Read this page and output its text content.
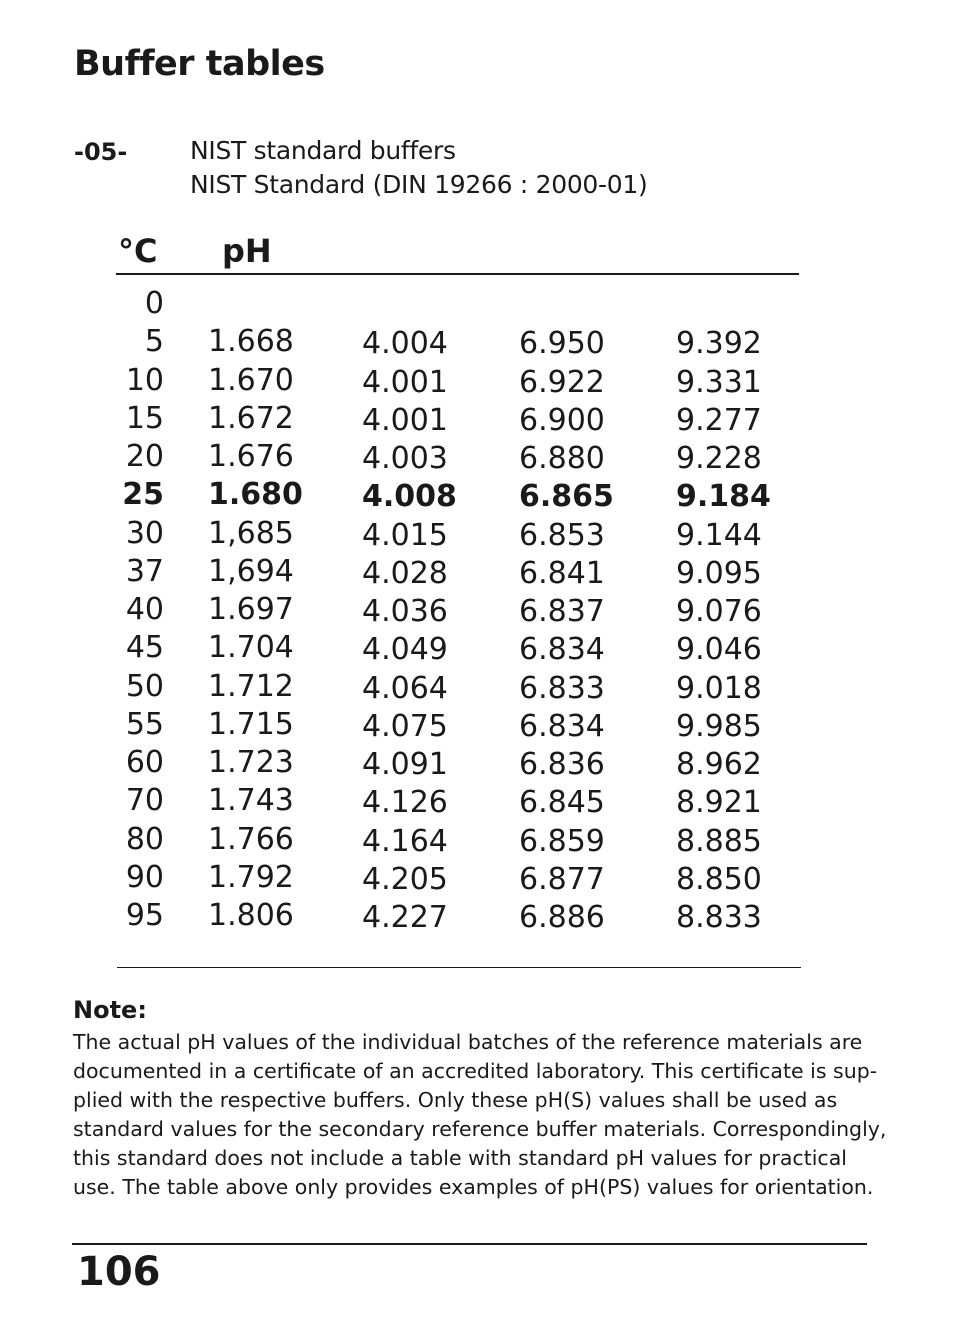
Buffer tables
-05-	NIST standard buffers
NIST Standard (DIN 19266 : 2000-01)
°C pH
0
5 1.668 4.004 6.950 9.392
10 1.670 4.001 6.922 9.331
15 1.672 4.001 6.900 9.277
20 1.676 4.003 6.880 9.228
25 1.680 4.008 6.865 9.184
30 1,685 4.015 6.853 9.144
37 1,694 4.028 6.841 9.095
40 1.697 4.036 6.837 9.076
45 1.704 4.049 6.834 9.046
50 1.712 4.064 6.833 9.018
55 1.715 4.075 6.834 9.985
60 1.723 4.091 6.836 8.962
70 1.743 4.126 6.845 8.921
80 1.766 4.164 6.859 8.885
90 1.792 4.205 6.877 8.850
95 1.806 4.227 6.886 8.833
Note:
The actual pH values of the individual batches of the reference materials are
documented in a certificate of an accredited laboratory. This certificate is sup-
plied with the respective buffers. Only these pH(S) values shall be used as
standard values for the secondary reference buffer materials. Correspondingly,
this standard does not include a table with standard pH values for practical
use. The table above only provides examples of pH(PS) values for orientation.
106
